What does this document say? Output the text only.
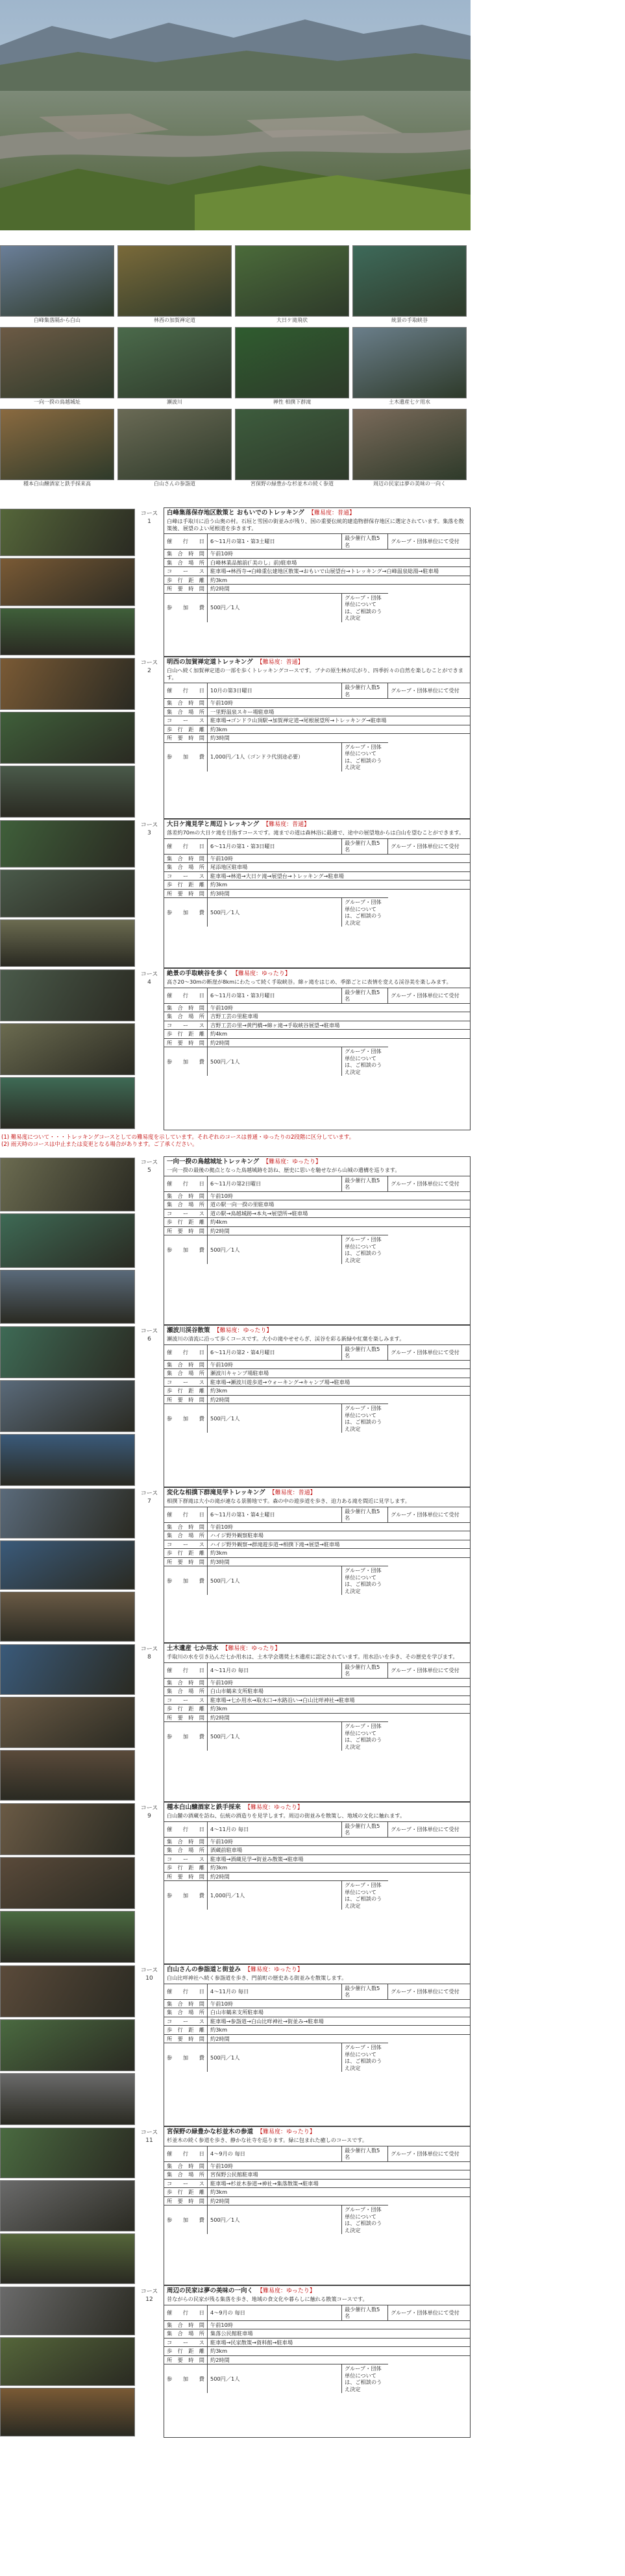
白峰集落隔から白山	林西の加賀禅定道	大日ケ滝飛状	統景の手取峡谷
一向一揆の鳥越城址	瀬波川	禅性 相撲下群滝	土木遺産七ケ用水
種本白山醸酒家と鉄手採来高	白山さんの参詣道	宮保野の緑豊かな杉並木の続く参道	周辺の民家は夢の美味の一向く
コース
1
白峰集落保存地区散策と おもいでのトレッキング 【難易度：普通】
白峰は手取川に沿う山奥の村。石垣と雪国の街並みが残り、国の重要伝統的建造物群保存地区に選定されています。集落を散策後、展望のよい尾根道を歩きます。
催行日	6〜11月の第1・第3土曜日	最少催行人数5名	グループ・団体単位にて受付
集合時間	午前10時		
集合場所	白峰林業品館前(「美のし」前)駐車場		
コ ー ス	駐車場→林西寺→白峰重伝建地区散策→おもいで山展望台→トレッキング→白峰温泉総湯→駐車場		
歩行距離	約3km		
所要時間	約2時間		
参 加 費	500円／1人	グループ・団体単位については、ご相談のうえ決定	
コース
2
明西の加賀禅定道トレッキング 【難易度：普通】
白山へ続く加賀禅定道の一部を歩くトレッキングコースです。ブナの原生林が広がり、四季折々の自然を楽しむことができます。
催行日	10月の第3日曜日	最少催行人数5名	グループ・団体単位にて受付
集合時間	午前10時		
集合場所	一里野温泉スキー場駐車場		
コ ー ス	駐車場→ゴンドラ山頂駅→加賀禅定道→尾根展望所→トレッキング→駐車場		
歩行距離	約3km		
所要時間	約3時間		
参 加 費	1,000円／1人（ゴンドラ代別途必要）	グループ・団体単位については、ご相談のうえ決定	
コース
3
大日ケ滝見学と周辺トレッキング 【難易度：普通】
落差約70mの大日ケ滝を目指すコースです。滝までの道は森林浴に最適で、途中の展望地からは白山を望むことができます。
催行日	6〜11月の第1・第3日曜日	最少催行人数5名	グループ・団体単位にて受付
集合時間	午前10時		
集合場所	尾添地区駐車場		
コ ー ス	駐車場→林道→大日ケ滝→展望台→トレッキング→駐車場		
歩行距離	約3km		
所要時間	約3時間		
参 加 費	500円／1人	グループ・団体単位については、ご相談のうえ決定	
コース
4
絶景の手取峡谷を歩く 【難易度：ゆったり】
高さ20〜30mの断崖が8kmにわたって続く手取峡谷。綿ヶ滝をはじめ、季節ごとに表情を変える渓谷美を楽しみます。
催行日	6〜11月の第1・第3月曜日	最少催行人数5名	グループ・団体単位にて受付
集合時間	午前10時		
集合場所	吉野工芸の里駐車場		
コ ー ス	吉野工芸の里→黄門橋→綿ヶ滝→手取峡谷展望→駐車場		
歩行距離	約4km		
所要時間	約2時間		
参 加 費	500円／1人	グループ・団体単位については、ご相談のうえ決定	
コース
5
一向一揆の鳥越城址トレッキング 【難易度：ゆったり】
一向一揆の最後の拠点となった鳥越城跡を訪ね、歴史に思いを馳せながら山城の遺構を巡ります。
催行日	6〜11月の第2日曜日	最少催行人数5名	グループ・団体単位にて受付
集合時間	午前10時		
集合場所	道の駅一向一揆の里駐車場		
コ ー ス	道の駅→鳥越城跡→本丸→展望所→駐車場		
歩行距離	約4km		
所要時間	約2時間		
参 加 費	500円／1人	グループ・団体単位については、ご相談のうえ決定	
コース
6
瀬波川渓谷散策 【難易度：ゆったり】
瀬波川の清流に沿って歩くコースです。大小の滝やせせらぎ、渓谷を彩る新緑や紅葉を楽しみます。
催行日	6〜11月の第2・第4月曜日	最少催行人数5名	グループ・団体単位にて受付
集合時間	午前10時		
集合場所	瀬波川キャンプ場駐車場		
コ ー ス	駐車場→瀬波川遊歩道→ウォーキング→キャンプ場→駐車場		
歩行距離	約3km		
所要時間	約2時間		
参 加 費	500円／1人	グループ・団体単位については、ご相談のうえ決定	
コース
7
変化な相撲下群滝見学トレッキング 【難易度：普通】
相撲下群滝は大小の滝が連なる景勝地です。森の中の遊歩道を歩き、迫力ある滝を間近に見学します。
催行日	6〜11月の第1・第4土曜日	最少催行人数5名	グループ・団体単位にて受付
集合時間	午前10時		
集合場所	ハイジ野外観察駐車場		
コ ー ス	ハイジ野外観察→群滝遊歩道→相撲下滝→展望→駐車場		
歩行距離	約3km		
所要時間	約3時間		
参 加 費	500円／1人	グループ・団体単位については、ご相談のうえ決定	
コース
8
土木遺産 七か用水 【難易度：ゆったり】
手取川の水を引き込んだ七か用水は、土木学会選奨土木遺産に認定されています。用水沿いを歩き、その歴史を学びます。
催行日	4〜11月の 毎日	最少催行人数5名	グループ・団体単位にて受付
集合時間	午前10時		
集合場所	白山市鶴来支所駐車場		
コ ー ス	駐車場→七か用水→取水口→水路沿い→白山比咩神社→駐車場		
歩行距離	約3km		
所要時間	約2時間		
参 加 費	500円／1人	グループ・団体単位については、ご相談のうえ決定	
コース
9
種本白山醸酒家と鉄手採来 【難易度：ゆったり】
白山麓の酒蔵を訪ね、伝統の酒造りを見学します。周辺の街並みを散策し、地域の文化に触れます。
催行日	4〜11月の 毎日	最少催行人数5名	グループ・団体単位にて受付
集合時間	午前10時		
集合場所	酒蔵前駐車場		
コ ー ス	駐車場→酒蔵見学→街並み散策→駐車場		
歩行距離	約3km		
所要時間	約2時間		
参 加 費	1,000円／1人	グループ・団体単位については、ご相談のうえ決定	
コース
10
白山さんの参詣道と街並み 【難易度：ゆったり】
白山比咩神社へ続く参詣道を歩き、門前町の歴史ある街並みを散策します。
催行日	4〜11月の 毎日	最少催行人数5名	グループ・団体単位にて受付
集合時間	午前10時		
集合場所	白山市鶴来支所駐車場		
コ ー ス	駐車場→参詣道→白山比咩神社→街並み→駐車場		
歩行距離	約3km		
所要時間	約2時間		
参 加 費	500円／1人	グループ・団体単位については、ご相談のうえ決定	
コース
11
宮保野の緑豊かな杉並木の参道 【難易度：ゆったり】
杉並木の続く参道を歩き、静かな社寺を巡ります。緑に包まれた癒しのコースです。
催行日	4〜9月の 毎日	最少催行人数5名	グループ・団体単位にて受付
集合時間	午前10時		
集合場所	宮保野公民館駐車場		
コ ー ス	駐車場→杉並木参道→神社→集落散策→駐車場		
歩行距離	約3km		
所要時間	約2時間		
参 加 費	500円／1人	グループ・団体単位については、ご相談のうえ決定	
コース
12
周辺の民家は夢の美味の一向く 【難易度：ゆったり】
昔ながらの民家が残る集落を歩き、地域の食文化や暮らしに触れる散策コースです。
催行日	4〜9月の 毎日	最少催行人数5名	グループ・団体単位にて受付
集合時間	午前10時		
集合場所	集落公民館駐車場		
コ ー ス	駐車場→民家散策→資料館→駐車場		
歩行距離	約3km		
所要時間	約2時間		
参 加 費	500円／1人	グループ・団体単位については、ご相談のうえ決定	
(1) 難易度について・・・トレッキングコースとしての難易度を示しています。それぞれのコースは普通・ゆったりの2段階に区分しています。
(2) 雨天時のコースは中止または変更となる場合があります。ご了承ください。
